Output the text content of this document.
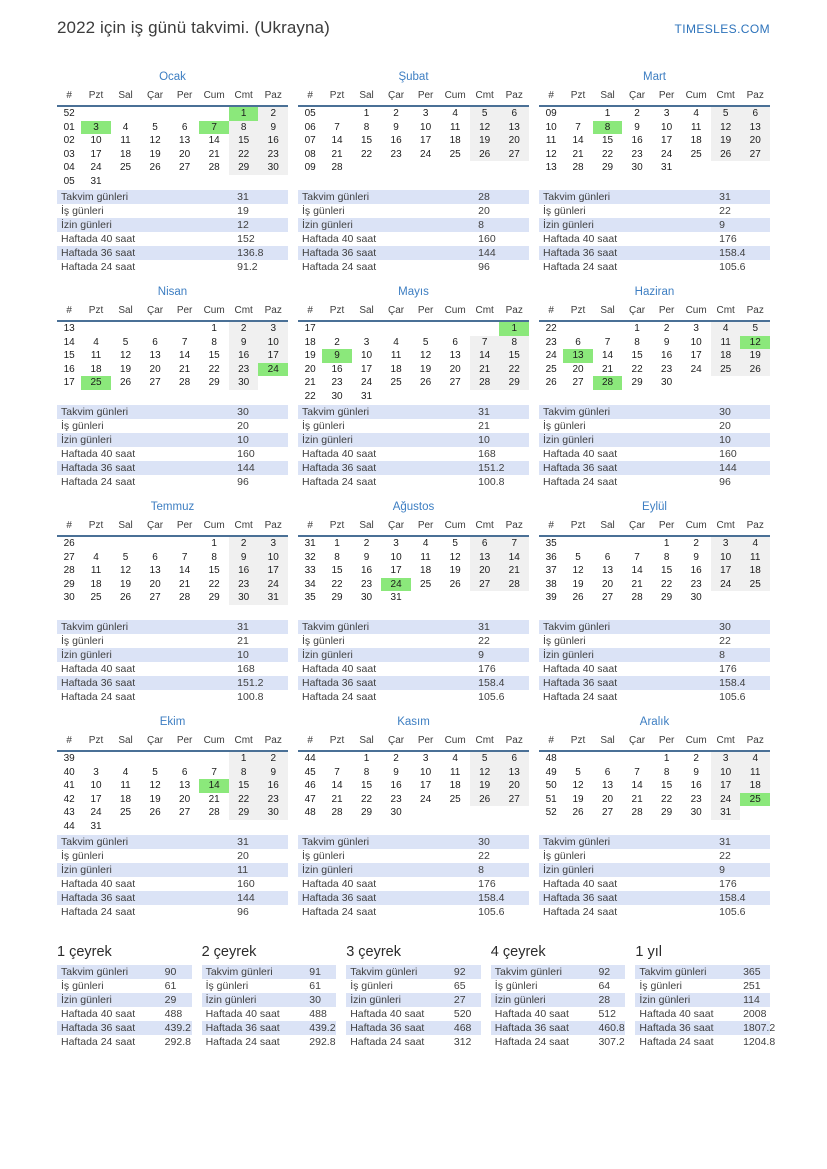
2022 için iş günü takvimi. (Ukrayna)	TIMESLES.COM
Ocak
#	Pzt	Sal	Çar	Per	Cum	Cmt	Paz
52						1	2
01	3	4	5	6	7	8	9
02	10	11	12	13	14	15	16
03	17	18	19	20	21	22	23
04	24	25	26	27	28	29	30
05	31						
Takvim günleri	31
İş günleri	19
İzin günleri	12
Haftada 40 saat	152
Haftada 36 saat	136.8
Haftada 24 saat	91.2
Şubat
#	Pzt	Sal	Çar	Per	Cum	Cmt	Paz
05		1	2	3	4	5	6
06	7	8	9	10	11	12	13
07	14	15	16	17	18	19	20
08	21	22	23	24	25	26	27
09	28						
Takvim günleri	28
İş günleri	20
İzin günleri	8
Haftada 40 saat	160
Haftada 36 saat	144
Haftada 24 saat	96
Mart
#	Pzt	Sal	Çar	Per	Cum	Cmt	Paz
09		1	2	3	4	5	6
10	7	8	9	10	11	12	13
11	14	15	16	17	18	19	20
12	21	22	23	24	25	26	27
13	28	29	30	31			
Takvim günleri	31
İş günleri	22
İzin günleri	9
Haftada 40 saat	176
Haftada 36 saat	158.4
Haftada 24 saat	105.6
Nisan
#	Pzt	Sal	Çar	Per	Cum	Cmt	Paz
13					1	2	3
14	4	5	6	7	8	9	10
15	11	12	13	14	15	16	17
16	18	19	20	21	22	23	24
17	25	26	27	28	29	30	
Takvim günleri	30
İş günleri	20
İzin günleri	10
Haftada 40 saat	160
Haftada 36 saat	144
Haftada 24 saat	96
Mayıs
#	Pzt	Sal	Çar	Per	Cum	Cmt	Paz
17							1
18	2	3	4	5	6	7	8
19	9	10	11	12	13	14	15
20	16	17	18	19	20	21	22
21	23	24	25	26	27	28	29
22	30	31					
Takvim günleri	31
İş günleri	21
İzin günleri	10
Haftada 40 saat	168
Haftada 36 saat	151.2
Haftada 24 saat	100.8
Haziran
#	Pzt	Sal	Çar	Per	Cum	Cmt	Paz
22			1	2	3	4	5
23	6	7	8	9	10	11	12
24	13	14	15	16	17	18	19
25	20	21	22	23	24	25	26
26	27	28	29	30			
Takvim günleri	30
İş günleri	20
İzin günleri	10
Haftada 40 saat	160
Haftada 36 saat	144
Haftada 24 saat	96
Temmuz
#	Pzt	Sal	Çar	Per	Cum	Cmt	Paz
26					1	2	3
27	4	5	6	7	8	9	10
28	11	12	13	14	15	16	17
29	18	19	20	21	22	23	24
30	25	26	27	28	29	30	31
Takvim günleri	31
İş günleri	21
İzin günleri	10
Haftada 40 saat	168
Haftada 36 saat	151.2
Haftada 24 saat	100.8
Ağustos
#	Pzt	Sal	Çar	Per	Cum	Cmt	Paz
31	1	2	3	4	5	6	7
32	8	9	10	11	12	13	14
33	15	16	17	18	19	20	21
34	22	23	24	25	26	27	28
35	29	30	31				
Takvim günleri	31
İş günleri	22
İzin günleri	9
Haftada 40 saat	176
Haftada 36 saat	158.4
Haftada 24 saat	105.6
Eylül
#	Pzt	Sal	Çar	Per	Cum	Cmt	Paz
35				1	2	3	4
36	5	6	7	8	9	10	11
37	12	13	14	15	16	17	18
38	19	20	21	22	23	24	25
39	26	27	28	29	30		
Takvim günleri	30
İş günleri	22
İzin günleri	8
Haftada 40 saat	176
Haftada 36 saat	158.4
Haftada 24 saat	105.6
Ekim
#	Pzt	Sal	Çar	Per	Cum	Cmt	Paz
39						1	2
40	3	4	5	6	7	8	9
41	10	11	12	13	14	15	16
42	17	18	19	20	21	22	23
43	24	25	26	27	28	29	30
44	31						
Takvim günleri	31
İş günleri	20
İzin günleri	11
Haftada 40 saat	160
Haftada 36 saat	144
Haftada 24 saat	96
Kasım
#	Pzt	Sal	Çar	Per	Cum	Cmt	Paz
44		1	2	3	4	5	6
45	7	8	9	10	11	12	13
46	14	15	16	17	18	19	20
47	21	22	23	24	25	26	27
48	28	29	30				
Takvim günleri	30
İş günleri	22
İzin günleri	8
Haftada 40 saat	176
Haftada 36 saat	158.4
Haftada 24 saat	105.6
Aralık
#	Pzt	Sal	Çar	Per	Cum	Cmt	Paz
48				1	2	3	4
49	5	6	7	8	9	10	11
50	12	13	14	15	16	17	18
51	19	20	21	22	23	24	25
52	26	27	28	29	30	31	
Takvim günleri	31
İş günleri	22
İzin günleri	9
Haftada 40 saat	176
Haftada 36 saat	158.4
Haftada 24 saat	105.6
1 çeyrek
Takvim günleri	90
İş günleri	61
İzin günleri	29
Haftada 40 saat	488
Haftada 36 saat	439.2
Haftada 24 saat	292.8
2 çeyrek
Takvim günleri	91
İş günleri	61
İzin günleri	30
Haftada 40 saat	488
Haftada 36 saat	439.2
Haftada 24 saat	292.8
3 çeyrek
Takvim günleri	92
İş günleri	65
İzin günleri	27
Haftada 40 saat	520
Haftada 36 saat	468
Haftada 24 saat	312
4 çeyrek
Takvim günleri	92
İş günleri	64
İzin günleri	28
Haftada 40 saat	512
Haftada 36 saat	460.8
Haftada 24 saat	307.2
1 yıl
Takvim günleri	365
İş günleri	251
İzin günleri	114
Haftada 40 saat	2008
Haftada 36 saat	1807.2
Haftada 24 saat	1204.8
